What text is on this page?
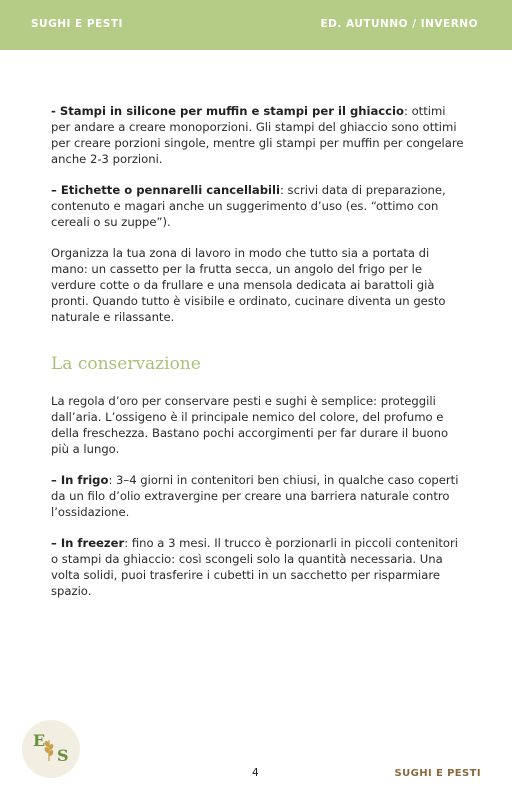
SUGHI E PESTI	ED. AUTUNNO / INVERNO

- Stampi in silicone per muffin e stampi per il ghiaccio: ottimi per andare a creare monoporzioni. Gli stampi del ghiaccio sono ottimi per creare porzioni singole, mentre gli stampi per muffin per congelare anche 2-3 porzioni.

– Etichette o pennarelli cancellabili: scrivi data di preparazione, contenuto e magari anche un suggerimento d’uso (es. “ottimo con cereali o su zuppe”).

Organizza la tua zona di lavoro in modo che tutto sia a portata di mano: un cassetto per la frutta secca, un angolo del frigo per le verdure cotte o da frullare e una mensola dedicata ai barattoli già pronti. Quando tutto è visibile e ordinato, cucinare diventa un gesto naturale e rilassante.

La conservazione

La regola d’oro per conservare pesti e sughi è semplice: proteggili dall’aria. L’ossigeno è il principale nemico del colore, del profumo e della freschezza. Bastano pochi accorgimenti per far durare il buono più a lungo.

– In frigo: 3–4 giorni in contenitori ben chiusi, in qualche caso coperti da un filo d’olio extravergine per creare una barriera naturale contro l’ossidazione.

– In freezer: fino a 3 mesi. Il trucco è porzionarli in piccoli contenitori o stampi da ghiaccio: così scongeli solo la quantità necessaria. Una volta solidi, puoi trasferire i cubetti in un sacchetto per risparmiare spazio.

E
S
4	SUGHI E PESTI
